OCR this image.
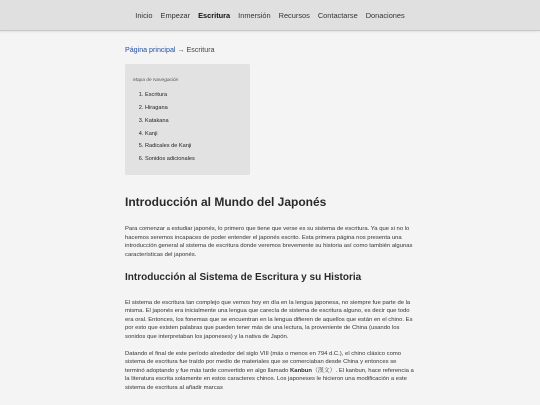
Inicio Empezar Escritura Inmersión Recursos Contactarse Donaciones

Página principal → Escritura

Mapa de Navegación
1. Escritura
2. Hiragana
3. Katakana
4. Kanji
5. Radicales de Kanji
6. Sonidos adicionales
Introducción al Mundo del Japonés

Para comenzar a estudiar japonés, lo primero que tiene que verse es su sistema de escritura. Ya que si no lo hacemos seremos incapaces de poder entender el japonés escrito. Esta primera página nos presenta una introducción general al sistema de escritura donde veremos brevemente su historia así como también algunas características del japonés.

Introducción al Sistema de Escritura y su Historia

El sistema de escritura tan complejo que vemos hoy en día en la lengua japonesa, no siempre fue parte de la misma. El japonés era inicialmente una lengua que carecía de sistema de escritura alguno, es decir que todo era oral. Entonces, los fonemas que se encuentran en la lengua difieren de aquellos que están en el chino. Es por esto que existen palabras que pueden tener más de una lectura, la proveniente de China (usando los sonidos que interpretaban los japoneses) y la nativa de Japón.

Datando el final de este período alrededor del siglo VIII (más o menos en 794 d.C.), el chino clásico como sistema de escritura fue traído por medio de materiales que se comerciaban desde China y entonces se terminó adoptando y fue más tarde convertido en algo llamado Kanbun（漢文）. El kanbun, hace referencia a la literatura escrita solamente en estos caracteres chinos. Los japoneses le hicieron una modificación a este sistema de escritura al añadir marcas
